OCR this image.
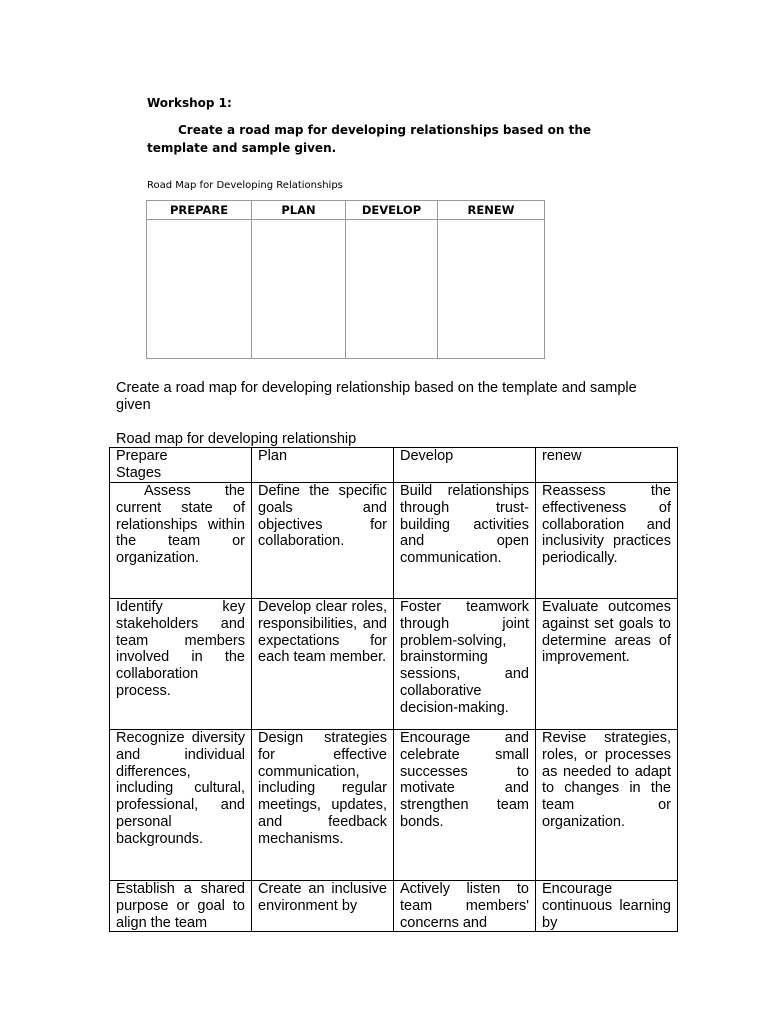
Workshop 1:
Create a road map for developing relationships based on the template and sample given.
Road Map for Developing Relationships
PREPARE	PLAN	DEVELOP	RENEW

Create a road map for developing relationship based on the template and sample given
Road map for developing relationship
Prepare Stages	Plan	Develop	renew
Assess the current state of relationships within the team or organization.	Define the specific goals and objectives for collaboration.	Build relationships through trust-building activities and open communication.	Reassess the effectiveness of collaboration and inclusivity practices periodically.
Identify key stakeholders and team members involved in the collaboration process.	Develop clear roles, responsibilities, and expectations for each team member.	Foster teamwork through joint problem-solving, brainstorming sessions, and collaborative decision-making.	Evaluate outcomes against set goals to determine areas of improvement.
Recognize diversity and individual differences, including cultural, professional, and personal backgrounds.	Design strategies for effective communication, including regular meetings, updates, and feedback mechanisms.	Encourage and celebrate small successes to motivate and strengthen team bonds.	Revise strategies, roles, or processes as needed to adapt to changes in the team or organization.
Establish a shared purpose or goal to align the team	Create an inclusive environment by	Actively listen to team members' concerns and	Encourage continuous learning by
